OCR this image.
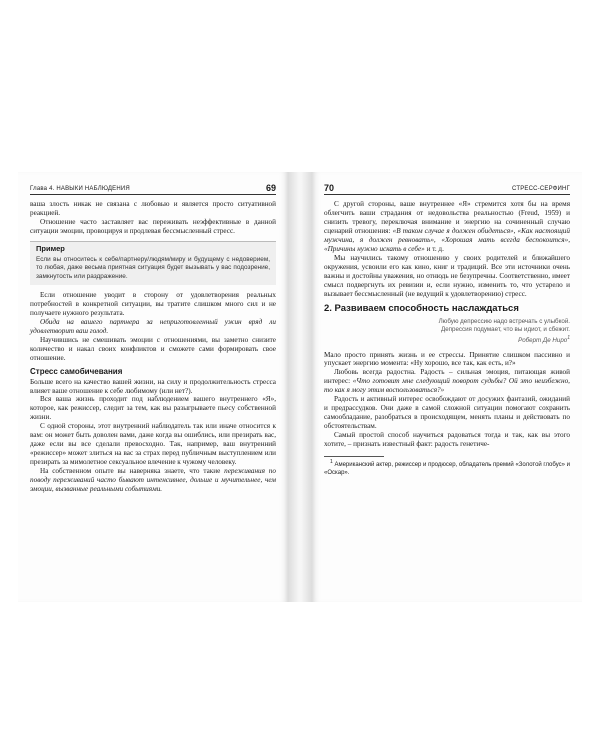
Глава 4. НАВЫКИ НАБЛЮДЕНИЯ	69

ваша злость никак не связана с любовью и является просто ситуативной реакцией.

Отношение часто заставляет вас переживать неэффективные в данной ситуации эмоции, провоцируя и продлевая бессмысленный стресс.

Пример
Если вы относитесь к себе/партнеру/людям/миру и будущему с недоверием, то любая, даже весьма приятная ситуация будет вызывать у вас подозрение, замкнутость или раздражение.

Если отношение уводит в сторону от удовлетворения реальных потребностей в конкретной ситуации, вы тратите слишком много сил и не получаете нужного результата.

Обида на вашего партнера за неприготовленный ужин вряд ли удовлетворит ваш голод.

Научившись не смешивать эмоции с отношениями, вы заметно снизите количество и накал своих конфликтов и сможете сами формировать свое отношение.

Стресс самобичевания

Больше всего на качество вашей жизни, на силу и продолжительность стресса влияет ваше отношение к себе любимому (или нет?).

Вся ваша жизнь проходит под наблюдением вашего внутреннего «Я», которое, как режиссер, следит за тем, как вы разыгрываете пьесу собственной жизни.

С одной стороны, этот внутренний наблюдатель так или иначе относится к вам: он может быть доволен вами, даже когда вы ошиблись, или презирать вас, даже если вы все сделали превосходно. Так, например, ваш внутренний «режиссер» может злиться на вас за страх перед публичным выступлением или презирать за мимолетное сексуальное влечение к чужому человеку.

На собственном опыте вы наверняка знаете, что такие переживания по поводу переживаний часто бывают интенсивнее, дольше и мучительнее, чем эмоции, вызванные реальными событиями.

70	СТРЕСС-СЕРФИНГ

С другой стороны, ваше внутреннее «Я» стремится хотя бы на время облегчить ваши страдания от недовольства реальностью (Freud, 1959) и снизить тревогу, переключая внимание и энергию на сочиненный случаю сценарий отношения: «В таком случае я должен обидеться», «Как настоящий мужчина, я должен ревновать», «Хорошая мать всегда беспокоится», «Причины нужно искать в себе» и т. д.

Мы научились такому отношению у своих родителей и ближайшего окружения, усвоили его как кино, книг и традиций. Все эти источники очень важны и достойны уважения, но отнюдь не безупречны. Соответственно, имеет смысл подвергнуть их ревизии и, если нужно, изменить то, что устарело и вызывает бессмысленный (не ведущий к удовлетворению) стресс.

2. Развиваем способность наслаждаться
Любую депрессию надо встречать с улыбкой.
Депрессия подумает, что вы идиот, и сбежит.
Роберт Де Ниро$^1$

Мало просто принять жизнь и ее стрессы. Принятие слишком пассивно и упускает энергию момента: «Ну хорошо, все так, как есть, и?»

Любовь всегда радостна. Радость – сильная эмоция, питающая живой интерес: «Что готовит мне следующий поворот судьбы? Ой это неизбежно, то как я могу этим воспользоваться?»

Радость и активный интерес освобождают от досужих фантазий, ожиданий и предрассудков. Они даже в самой сложной ситуации помогают сохранить самообладание, разобраться в происходящем, менять планы и действовать по обстоятельствам.

Самый простой способ научиться радоваться тогда и так, как вы этого хотите, – признать известный факт: радость генетиче-

$^1$ Американский актер, режиссер и продюсер, обладатель премий «Золотой глобус» и «Оскар».
